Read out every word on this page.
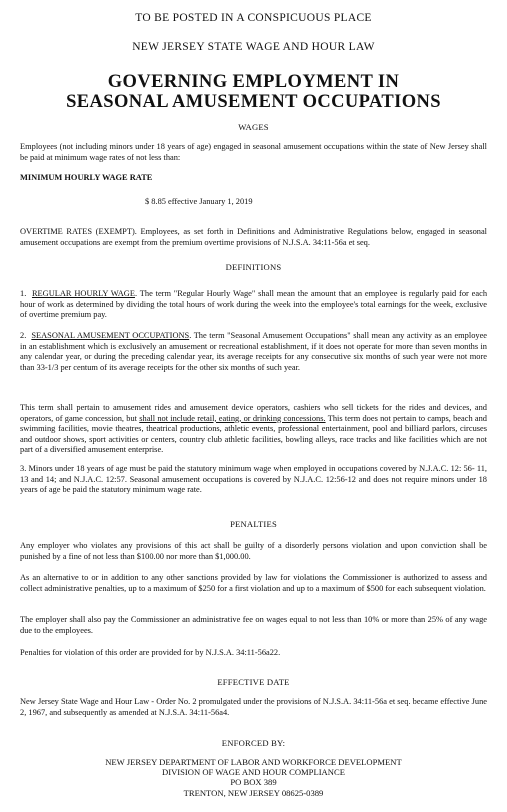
TO BE POSTED IN A CONSPICUOUS PLACE
NEW JERSEY STATE WAGE AND HOUR LAW
GOVERNING EMPLOYMENT IN
SEASONAL AMUSEMENT OCCUPATIONS
WAGES

Employees (not including minors under 18 years of age) engaged in seasonal amusement occupations within the state of New Jersey shall be paid at minimum wage rates of not less than:

MINIMUM HOURLY WAGE RATE

$ 8.85 effective January 1, 2019

OVERTIME RATES (EXEMPT). Employees, as set forth in Definitions and Administrative Regulations below, engaged in seasonal amusement occupations are exempt from the premium overtime provisions of N.J.S.A. 34:11-56a et seq.

DEFINITIONS

1. REGULAR HOURLY WAGE. The term "Regular Hourly Wage" shall mean the amount that an employee is regularly paid for each hour of work as determined by dividing the total hours of work during the week into the employee's total earnings for the week, exclusive of overtime premium pay.

2. SEASONAL AMUSEMENT OCCUPATIONS. The term "Seasonal Amusement Occupations" shall mean any activity as an employee in an establishment which is exclusively an amusement or recreational establishment, if it does not operate for more than seven months in any calendar year, or during the preceding calendar year, its average receipts for any consecutive six months of such year were not more than 33-1/3 per centum of its average receipts for the other six months of such year.

This term shall pertain to amusement rides and amusement device operators, cashiers who sell tickets for the rides and devices, and operators, of game concession, but shall not include retail, eating, or drinking concessions. This term does not pertain to camps, beach and swimming facilities, movie theatres, theatrical productions, athletic events, professional entertainment, pool and billiard parlors, circuses and outdoor shows, sport activities or centers, country club athletic facilities, bowling alleys, race tracks and like facilities which are not part of a diversified amusement enterprise.

3. Minors under 18 years of age must be paid the statutory minimum wage when employed in occupations covered by N.J.A.C. 12: 56- 11, 13 and 14; and N.J.A.C. 12:57. Seasonal amusement occupations is covered by N.J.A.C. 12:56-12 and does not require minors under 18 years of age be paid the statutory minimum wage rate.

PENALTIES

Any employer who violates any provisions of this act shall be guilty of a disorderly persons violation and upon conviction shall be punished by a fine of not less than $100.00 nor more than $1,000.00.

As an alternative to or in addition to any other sanctions provided by law for violations the Commissioner is authorized to assess and collect administrative penalties, up to a maximum of $250 for a first violation and up to a maximum of $500 for each subsequent violation.

The employer shall also pay the Commissioner an administrative fee on wages equal to not less than 10% or more than 25% of any wage due to the employees.

Penalties for violation of this order are provided for by N.J.S.A. 34:11-56a22.

EFFECTIVE DATE

New Jersey State Wage and Hour Law - Order No. 2 promulgated under the provisions of N.J.S.A. 34:11-56a et seq. became effective June 2, 1967, and subsequently as amended at N.J.S.A. 34:11-56a4.

ENFORCED BY:
NEW JERSEY DEPARTMENT OF LABOR AND WORKFORCE DEVELOPMENT
DIVISION OF WAGE AND HOUR COMPLIANCE
PO BOX 389
TRENTON, NEW JERSEY 08625-0389
